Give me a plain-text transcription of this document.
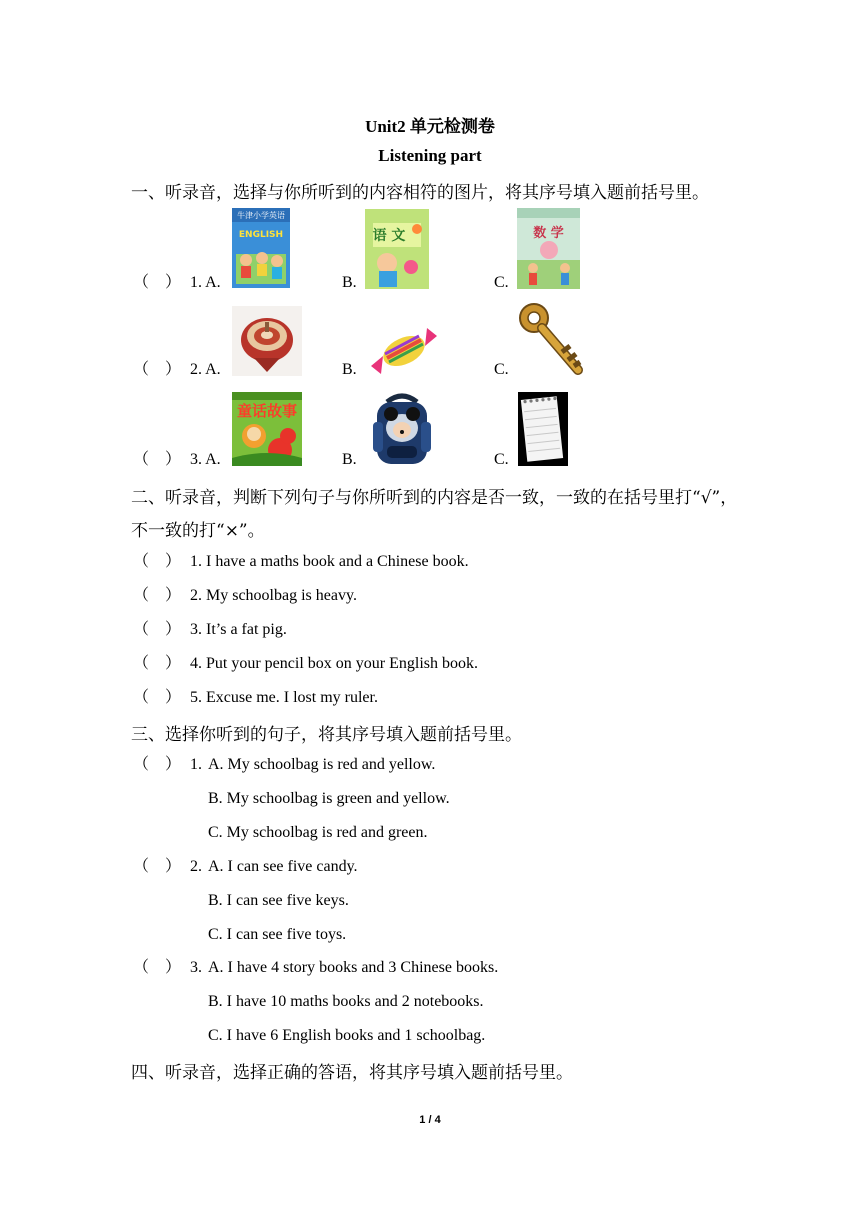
Unit2 单元检测卷
Listening part
一、听录音，选择与你所听到的内容相符的图片，将其序号填入题前括号里。
（　） 1. A.
牛津小学英语
ENGLISH
B.
语 文
C.
数 学
（　） 2. A.	B.	C.
（　） 3. A.
童话故事
B.	C.
二、听录音，判断下列句子与你所听到的内容是否一致，一致的在括号里打“√”，
不一致的打“×”。
（　） 1. I have a maths book and a Chinese book.
（　） 2. My schoolbag is heavy.
（　） 3. It’s a fat pig.
（　） 4. Put your pencil box on your English book.
（　） 5. Excuse me. I lost my ruler.
三、选择你听到的句子，将其序号填入题前括号里。
（　） 1. A. My schoolbag is red and yellow.
B. My schoolbag is green and yellow.
C. My schoolbag is red and green.
（　） 2. A. I can see five candy.
B. I can see five keys.
C. I can see five toys.
（　） 3. A. I have 4 story books and 3 Chinese books.
B. I have 10 maths books and 2 notebooks.
C. I have 6 English books and 1 schoolbag.
四、听录音，选择正确的答语，将其序号填入题前括号里。
1 / 4
